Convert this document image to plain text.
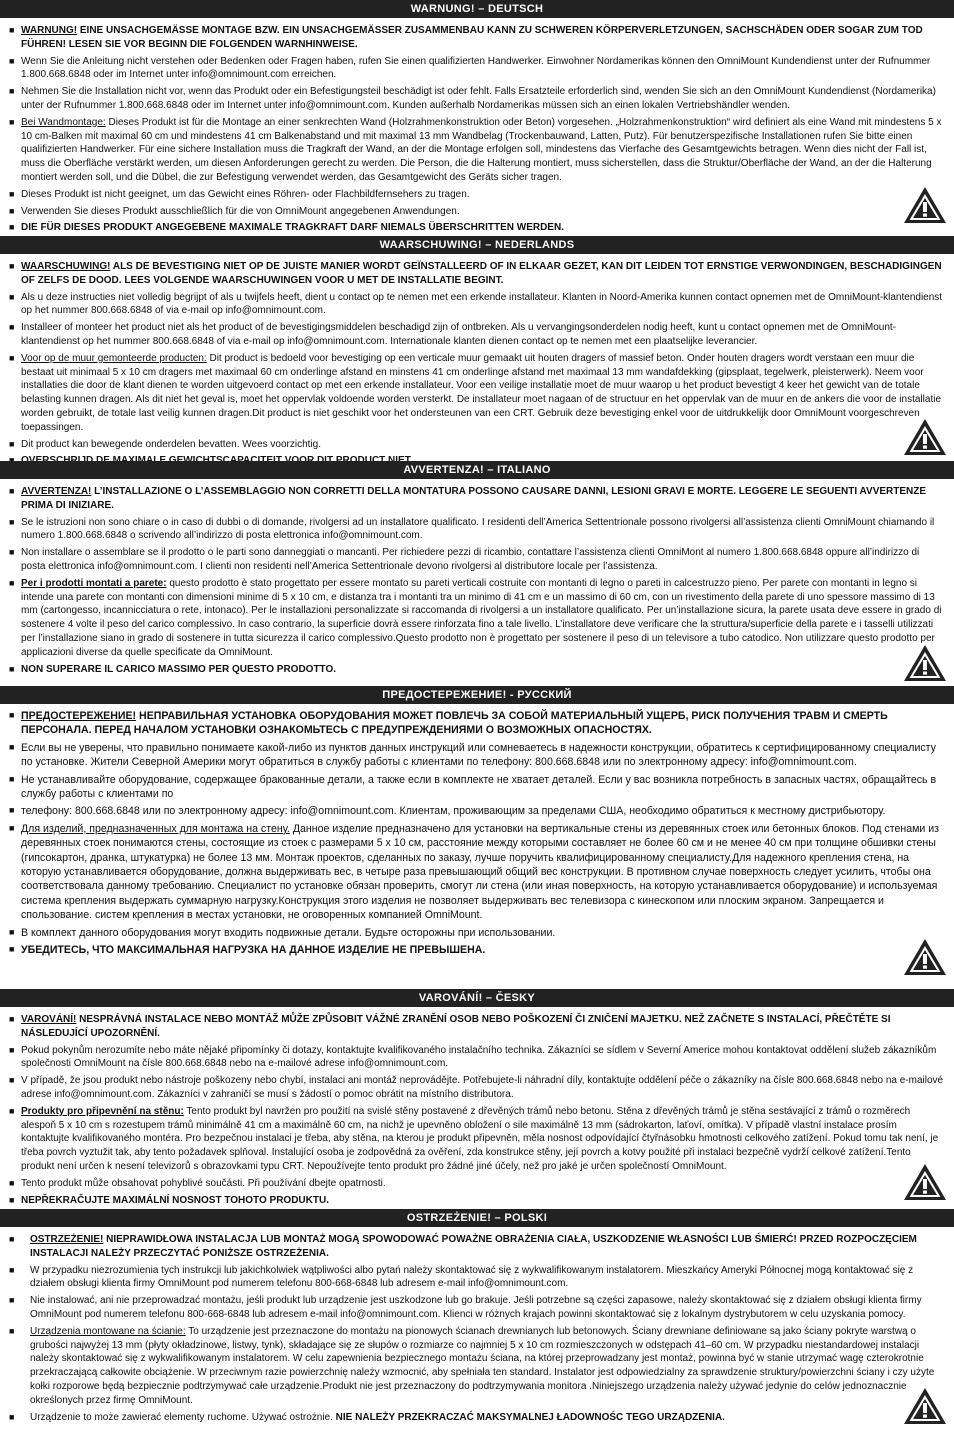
WARNUNG! – DEUTSCH
■ WARNUNG! EINE UNSACHGEMÄSSE MONTAGE BZW. EIN UNSACHGEMÄSSER ZUSAMMENBAU KANN ZU SCHWEREN KÖRPERVERLETZUNGEN, SACHSCHÄDEN ODER SOGAR ZUM TOD FÜHREN! LESEN SIE VOR BEGINN DIE FOLGENDEN WARNHINWEISE.
■ Wenn Sie die Anleitung nicht verstehen oder Bedenken oder Fragen haben, rufen Sie einen qualifizierten Handwerker. Einwohner Nordamerikas können den OmniMount Kundendienst unter der Rufnummer 1.800.668.6848 oder im Internet unter info@omnimount.com erreichen.
■ Nehmen Sie die Installation nicht vor, wenn das Produkt oder ein Befestigungsteil beschädigt ist oder fehlt. Falls Ersatzteile erforderlich sind, wenden Sie sich an den OmniMount Kundendienst (Nordamerika) unter der Rufnummer 1.800.668.6848 oder im Internet unter info@omnimount.com. Kunden außerhalb Nordamerikas müssen sich an einen lokalen Vertriebshändler wenden.
■ Bei Wandmontage: Dieses Produkt ist für die Montage an einer senkrechten Wand (Holzrahmenkonstruktion oder Beton) vorgesehen. „Holzrahmenkonstruktion“ wird definiert als eine Wand mit mindestens 5 x 10 cm-Balken mit maximal 60 cm und mindestens 41 cm Balkenabstand und mit maximal 13 mm Wandbelag (Trockenbauwand, Latten, Putz). Für benutzerspezifische Installationen rufen Sie bitte einen qualifizierten Handwerker. Für eine sichere Installation muss die Tragkraft der Wand, an der die Montage erfolgen soll, mindestens das Vierfache des Gesamtgewichts betragen. Wenn dies nicht der Fall ist, muss die Oberfläche verstärkt werden, um diesen Anforderungen gerecht zu werden. Die Person, die die Halterung montiert, muss sicherstellen, dass die Struktur/Oberfläche der Wand, an der die Halterung montiert werden soll, und die Dübel, die zur Befestigung verwendet werden, das Gesamtgewicht des Geräts sicher tragen.
■ Dieses Produkt ist nicht geeignet, um das Gewicht eines Röhren- oder Flachbildfernsehers zu tragen.
■ Verwenden Sie dieses Produkt ausschließlich für die von OmniMount angegebenen Anwendungen.
■ DIE FÜR DIESES PRODUKT ANGEGEBENE MAXIMALE TRAGKRAFT DARF NIEMALS ÜBERSCHRITTEN WERDEN.
WAARSCHUWING! – NEDERLANDS
■ WAARSCHUWING! ALS DE BEVESTIGING NIET OP DE JUISTE MANIER WORDT GEÏNSTALLEERD OF IN ELKAAR GEZET, KAN DIT LEIDEN TOT ERNSTIGE VERWONDINGEN, BESCHADIGINGEN OF ZELFS DE DOOD. LEES VOLGENDE WAARSCHUWINGEN VOOR U MET DE INSTALLATIE BEGINT.
■ Als u deze instructies niet volledig begrijpt of als u twijfels heeft, dient u contact op te nemen met een erkende installateur. Klanten in Noord-Amerika kunnen contact opnemen met de OmniMount-klantendienst op het nummer 800.668.6848 of via e-mail op info@omnimount.com.
■ Installeer of monteer het product niet als het product of de bevestigingsmiddelen beschadigd zijn of ontbreken. Als u vervangingsonderdelen nodig heeft, kunt u contact opnemen met de OmniMount-klantendienst op het nummer 800.668.6848 of via e-mail op info@omnimount.com. Internationale klanten dienen contact op te nemen met een plaatselijke leverancier.
■ Voor op de muur gemonteerde producten: Dit product is bedoeld voor bevestiging op een verticale muur gemaakt uit houten dragers of massief beton. Onder houten dragers wordt verstaan een muur die bestaat uit minimaal 5 x 10 cm dragers met maximaal 60 cm onderlinge afstand en minstens 41 cm onderlinge afstand met maximaal 13 mm wandafdekking (gipsplaat, tegelwerk, pleisterwerk). Neem voor installaties die door de klant dienen te worden uitgevoerd contact op met een erkende installateur. Voor een veilige installatie moet de muur waarop u het product bevestigt 4 keer het gewicht van de totale belasting kunnen dragen. Als dit niet het geval is, moet het oppervlak voldoende worden versterkt. De installateur moet nagaan of de structuur en het oppervlak van de muur en de ankers die voor de installatie worden gebruikt, de totale last veilig kunnen dragen.Dit product is niet geschikt voor het ondersteunen van een CRT. Gebruik deze bevestiging enkel voor de uitdrukkelijk door OmniMount voorgeschreven toepassingen.
■ Dit product kan bewegende onderdelen bevatten. Wees voorzichtig.
AVVERTENZA! – ITALIANO
■ AVVERTENZA! L’INSTALLAZIONE O L’ASSEMBLAGGIO NON CORRETTI DELLA MONTATURA POSSONO CAUSARE DANNI, LESIONI GRAVI E MORTE. LEGGERE LE SEGUENTI AVVERTENZE PRIMA DI INIZIARE.
■ Se le istruzioni non sono chiare o in caso di dubbi o di domande, rivolgersi ad un installatore qualificato. I residenti dell’America Settentrionale possono rivolgersi all’assistenza clienti OmniMount chiamando il numero 1.800.668.6848 o scrivendo all’indirizzo di posta elettronica info@omnimount.com.
■ Non installare o assemblare se il prodotto o le parti sono danneggiati o mancanti. Per richiedere pezzi di ricambio, contattare l’assistenza clienti OmniMont al numero 1.800.668.6848 oppure all’indirizzo di posta elettronica info@omnimount.com. I clienti non residenti nell’America Settentrionale devono rivolgersi al distributore locale per l’assistenza.
■ Per i prodotti montati a parete: questo prodotto è stato progettato per essere montato su pareti verticali costruite con montanti di legno o pareti in calcestruzzo pieno. Per parete con montanti in legno si intende una parete con montanti con dimensioni minime di 5 x 10 cm, e distanza tra i montanti tra un minimo di 41 cm e un massimo di 60 cm, con un rivestimento della parete di uno spessore massimo di 13 mm (cartongesso, incannicciatura o rete, intonaco). Per le installazioni personalizzate si raccomanda di rivolgersi a un installatore qualificato. Per un’installazione sicura, la parete usata deve essere in grado di sostenere 4 volte il peso del carico complessivo. In caso contrario, la superficie dovrà essere rinforzata fino a tale livello. L’installatore deve verificare che la struttura/superficie della parete e i tasselli utilizzati per l’installazione siano in grado di sostenere in tutta sicurezza il carico complessivo.Questo prodotto non è progettato per sostenere il peso di un televisore a tubo catodico. Non utilizzare questo prodotto per applicazioni diverse da quelle specificate da OmniMount.
■ NON SUPERARE IL CARICO MASSIMO PER QUESTO PRODOTTO.
ПРЕДОСТЕРЕЖЕНИЕ! - РУССКИЙ
■ ПРЕДОСТЕРЕЖЕНИЕ! НЕПРАВИЛЬНАЯ УСТАНОВКА ОБОРУДОВАНИЯ МОЖЕТ ПОВЛЕЧЬ ЗА СОБОЙ МАТЕРИАЛЬНЫЙ УЩЕРБ, РИСК ПОЛУЧЕНИЯ ТРАВМ И СМЕРТЬ ПЕРСОНАЛА. ПЕРЕД НАЧАЛОМ УСТАНОВКИ ОЗНАКОМЬТЕСЬ С ПРЕДУПРЕЖДЕНИЯМИ О ВОЗМОЖНЫХ ОПАСНОСТЯХ.
■ Если вы не уверены, что правильно понимаете какой-либо из пунктов данных инструкций или сомневаетесь в надежности конструкции, обратитесь к сертифицированному специалисту по установке. Жители Северной Америки могут обратиться в службу работы с клиентами по телефону: 800.668.6848 или по электронному адресу: info@omnimount.com.
■ Не устанавливайте оборудование, содержащее бракованные детали, а также если в комплекте не хватает деталей. Если у вас возникла потребность в запасных частях, обращайтесь в службу работы с клиентами по
■ телефону: 800.668.6848 или по электронному адресу: info@omnimount.com. Клиентам, проживающим за пределами США, необходимо обратиться к местному дистрибьютору.
■ Для изделий, предназначенных для монтажа на стену. Данное изделие предназначено для установки на вертикальные стены из деревянных стоек или бетонных блоков. Под стенами из деревянных стоек понимаются стены, состоящие из стоек с размерами 5 х 10 см, расстояние между которыми составляет не более 60 см и не менее 40 см при толщине обшивки стены (гипсокартон, дранка, штукатурка) не более 13 мм. Монтаж проектов, сделанных по заказу, лучше поручить квалифицированному специалисту.Для надежного крепления стена, на которую устанавливается оборудование, должна выдерживать вес, в четыре раза превышающий общий вес конструкции. В противном случае поверхность следует усилить, чтобы она соответствовала данному требованию. Специалист по установке обязан проверить, смогут ли стена (или иная поверхность, на которую устанавливается оборудование) и используемая система крепления выдержать суммарную нагрузку.Конструкция этого изделия не позволяет выдерживать вес телевизора с кинескопом или плоским экраном. Запрещается и спользование. систем крепления в местах установки, не оговоренных компанией OmniMount.
■ В комплект данного оборудования могут входить подвижные детали. Будьте осторожны при использовании.
■ УБЕДИТЕСЬ, ЧТО МАКСИМАЛЬНАЯ НАГРУЗКА НА ДАННОЕ ИЗДЕЛИЕ НЕ ПРЕВЫШЕНА.
VAROVÁNÍ! – ČESKY
■ VAROVÁNÍ! NESPRÁVNÁ INSTALACE NEBO MONTÁŽ MŮŽE ZPŮSOBIT VÁŽNÉ ZRANĚNÍ OSOB NEBO POŠKOZENÍ ČI ZNIČENÍ MAJETKU. NEŽ ZAČNETE S INSTALACÍ, PŘEČTĚTE SI NÁSLEDUJÍCÍ UPOZORNĚNÍ.
■ Pokud pokynům nerozumíte nebo máte nějaké připomínky či dotazy, kontaktujte kvalifikovaného instalačního technika. Zákazníci se sídlem v Severní Americe mohou kontaktovat oddělení služeb zákazníkům společnosti OmniMount na čísle 800.668.6848 nebo na e-mailové adrese info@omnimount.com.
■ V případě, že jsou produkt nebo nástroje poškozeny nebo chybí, instalaci ani montáž neprovádějte. Potřebujete-li náhradní díly, kontaktujte oddělení péče o zákazníky na čísle 800.668.6848 nebo na e-mailové adrese info@omnimount.com. Zákazníci v zahraničí se musí s žádostí o pomoc obrátit na místního distributora.
■ Produkty pro připevnění na stěnu: Tento produkt byl navržen pro použití na svislé stěny postavené z dřevěných trámů nebo betonu. Stěna z dřevěných trámů je stěna sestávající z trámů o rozměrech alespoň 5 x 10 cm s rozestupem trámů minimálně 41 cm a maximálně 60 cm, na nichž je upevněno obložení o sile maximálně 13 mm (sádrokarton, laťoví, omítka). V případě vlastní instalace prosím kontaktujte kvalifikovaného montéra. Pro bezpečnou instalaci je třeba, aby stěna, na kterou je produkt připevněn, měla nosnost odpovídající čtyřnásobku hmotnosti celkového zatížení. Pokud tomu tak není, je třeba povrch vyztužit tak, aby tento požadavek splňoval. Instalující osoba je zodpovědná za ověření, zda konstrukce stěny, její povrch a kotvy použité při instalaci bezpečně vydrží celkové zatížení.Tento produkt není určen k nesení televizorů s obrazovkami typu CRT. Nepoužívejte tento produkt pro žádné jiné účely, než pro jaké je určen společností OmniMount.
■ Tento produkt může obsahovat pohyblivé součásti. Při používání dbejte opatrnosti.
■ NEPŘEKRAČUJTE MAXIMÁLNÍ NOSNOST TOHOTO PRODUKTU.
OSTRZEŻENIE! – POLSKI
■ OSTRZEŻENIE! NIEPRAWIDŁOWA INSTALACJA LUB MONTAŻ MOGĄ SPOWODOWAĆ POWAŻNE OBRAŻENIA CIAŁA, USZKODZENIE WŁASNOŚCI LUB ŚMIERĆ! PRZED ROZPOCZĘCIEM INSTALACJI NALEŻY PRZECZYTAĆ PONIŻSZE OSTRZEŻENIA.
■ W przypadku niezrozumienia tych instrukcji lub jakichkolwiek wątpliwości albo pytań należy skontaktować się z wykwalifikowanym instalatorem. Mieszkańcy Ameryki Północnej mogą kontaktować się z działem obsługi klienta firmy OmniMount pod numerem telefonu 800-668-6848 lub adresem e-mail info@omnimount.com.
■ Nie instalować, ani nie przeprowadzać montażu, jeśli produkt lub urządzenie jest uszkodzone lub go brakuje. Jeśli potrzebne są części zapasowe, należy skontaktować się z działem obsługi klienta firmy OmniMount pod numerem telefonu 800-668-6848 lub adresem e-mail info@omnimount.com. Klienci w różnych krajach powinni skontaktować się z lokalnym dystrybutorem w celu uzyskania pomocy.
■ Urządzenia montowane na ścianie: To urządzenie jest przeznaczone do montażu na pionowych ścianach drewnianych lub betonowych. Ściany drewniane definiowane są jako ściany pokryte warstwą o grubości najwyżej 13 mm (płyty okładzinowe, listwy, tynk), składające się ze słupów o rozmiarze co najmniej 5 x 10 cm rozmieszczonych w odstępach 41–60 cm. W przypadku niestandardowej instalacji należy skontaktować się z wykwalifikowanym instalatorem. W celu zapewnienia bezpiecznego montażu ściana, na której przeprowadzany jest montaż, powinna być w stanie utrzymać wagę czterokrotnie przekraczającą całkowite obciążenie. W przeciwnym razie powierzchnię należy wzmocnić, aby spełniała ten standard. Instalator jest odpowiedzialny za sprawdzenie struktury/powierzchni ściany i czy użyte kołki rozporowe będą bezpiecznie podtrzymywać całe urządzenie.Produkt nie jest przeznaczony do podtrzymywania monitora .Niniejszego urządzenia należy używać jedynie do celów jednoznacznie określonych przez firmę OmniMount.
■ Urządzenie to może zawierać elementy ruchome. Używać ostrożnie. NIE NALEŻY PRZEKRACZAĆ MAKSYMALNEJ ŁADOWNOŚC TEGO URZĄDZENIA.
